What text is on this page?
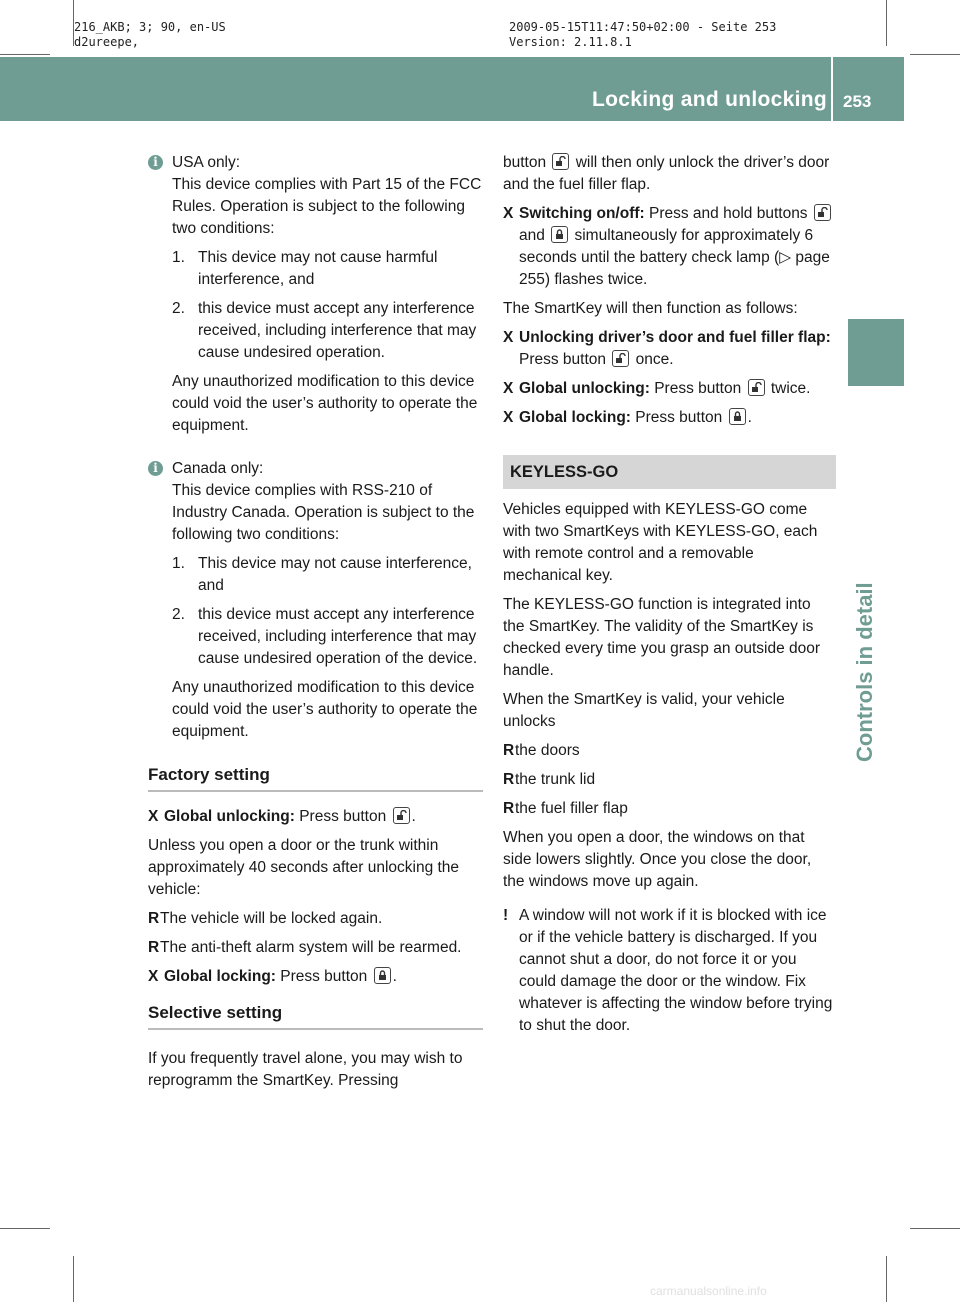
216_AKB; 3; 90, en-US
d2ureepe,
2009-05-15T11:47:50+02:00 - Seite 253
Version: 2.11.8.1
Locking and unlocking 253
Controls in detail
i USA only:

This device complies with Part 15 of the FCC Rules. Operation is subject to the following two conditions:

1. This device may not cause harmful interference, and
2. this device must accept any interference received, including interference that may cause undesired operation.

Any unauthorized modification to this device could void the user’s authority to operate the equipment.

i Canada only:

This device complies with RSS-210 of Industry Canada. Operation is subject to the following two conditions:

1. This device may not cause interference, and
2. this device must accept any interference received, including interference that may cause undesired operation of the device.

Any unauthorized modification to this device could void the user’s authority to operate the equipment.

Factory setting
X Global unlocking: Press button
.

Unless you open a door or the trunk within approximately 40 seconds after unlocking the vehicle:

R The vehicle will be locked again.
R The anti-theft alarm system will be rearmed.
X Global locking: Press button
.
Selective setting

If you frequently travel alone, you may wish to reprogramm the SmartKey. Pressing

button
will then only unlock the driver’s door and the fuel filler flap.

X Switching on/off: Press and hold buttons
and
simultaneously for approximately 6 seconds until the battery check lamp (▷ page 255) flashes twice.

The SmartKey will then function as follows:

X Unlocking driver’s door and fuel filler flap: Press button
once.
X Global unlocking: Press button
twice.
X Global locking: Press button
.
KEYLESS-GO

Vehicles equipped with KEYLESS-GO come with two SmartKeys with KEYLESS-GO, each with remote control and a removable mechanical key.

The KEYLESS-GO function is integrated into the SmartKey. The validity of the SmartKey is checked every time you grasp an outside door handle.

When the SmartKey is valid, your vehicle unlocks

R the doors
R the trunk lid
R the fuel filler flap

When you open a door, the windows on that side lowers slightly. Once you close the door, the windows move up again.

! A window will not work if it is blocked with ice or if the vehicle battery is discharged. If you cannot shut a door, do not force it or you could damage the door or the window. Fix whatever is affecting the window before trying to shut the door.
carmanualsonline.info
